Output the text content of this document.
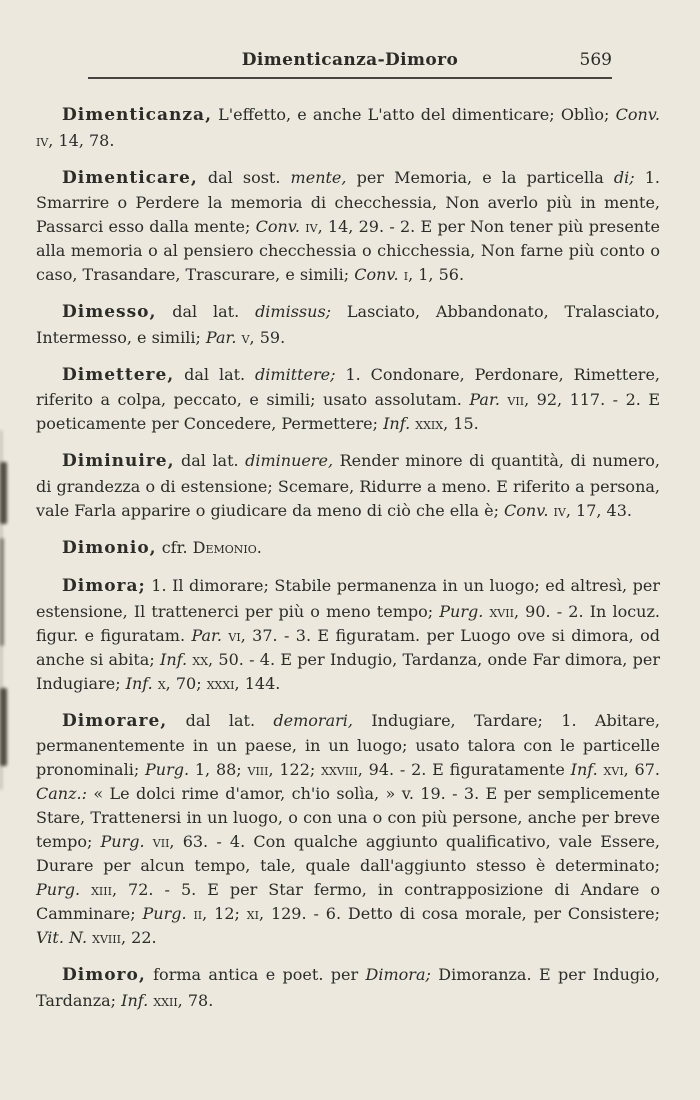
Dimenticanza-Dimoro	569

Dimenticanza, L'effetto, e anche L'atto del dimenticare; Oblìo; Conv. iv, 14, 78.

Dimenticare, dal sost. mente, per Memoria, e la particella di; 1. Smarrire o Perdere la memoria di checchessia, Non averlo più in mente, Passarci esso dalla mente; Conv. iv, 14, 29. - 2. E per Non tener più presente alla memoria o al pensiero checchessia o chicchessia, Non farne più conto o caso, Trasandare, Trascurare, e simili; Conv. i, 1, 56.

Dimesso, dal lat. dimissus; Lasciato, Abbandonato, Tralasciato, Intermesso, e simili; Par. v, 59.

Dimettere, dal lat. dimittere; 1. Condonare, Perdonare, Rimettere, riferito a colpa, peccato, e simili; usato assolutam. Par. vii, 92, 117. - 2. E poeticamente per Concedere, Permettere; Inf. xxix, 15.

Diminuire, dal lat. diminuere, Render minore di quantità, di numero, di grandezza o di estensione; Scemare, Ridurre a meno. E riferito a persona, vale Farla apparire o giudicare da meno di ciò che ella è; Conv. iv, 17, 43.

Dimonio, cfr. Demonio.

Dimora; 1. Il dimorare; Stabile permanenza in un luogo; ed altresì, per estensione, Il trattenerci per più o meno tempo; Purg. xvii, 90. - 2. In locuz. figur. e figuratam. Par. vi, 37. - 3. E figuratam. per Luogo ove si dimora, od anche si abita; Inf. xx, 50. - 4. E per Indugio, Tardanza, onde Far dimora, per Indugiare; Inf. x, 70; xxxi, 144.

Dimorare, dal lat. demorari, Indugiare, Tardare; 1. Abitare, permanentemente in un paese, in un luogo; usato talora con le particelle pronominali; Purg. 1, 88; viii, 122; xxviii, 94. - 2. E figuratamente Inf. xvi, 67. Canz.: « Le dolci rime d'amor, ch'io solìa, » v. 19. - 3. E per semplicemente Stare, Trattenersi in un luogo, o con una o con più persone, anche per breve tempo; Purg. vii, 63. - 4. Con qualche aggiunto qualificativo, vale Essere, Durare per alcun tempo, tale, quale dall'aggiunto stesso è determinato; Purg. xiii, 72. - 5. E per Star fermo, in contrapposizione di Andare o Camminare; Purg. ii, 12; xi, 129. - 6. Detto di cosa morale, per Consistere; Vit. N. xviii, 22.

Dimoro, forma antica e poet. per Dimora; Dimoranza. E per Indugio, Tardanza; Inf. xxii, 78.
